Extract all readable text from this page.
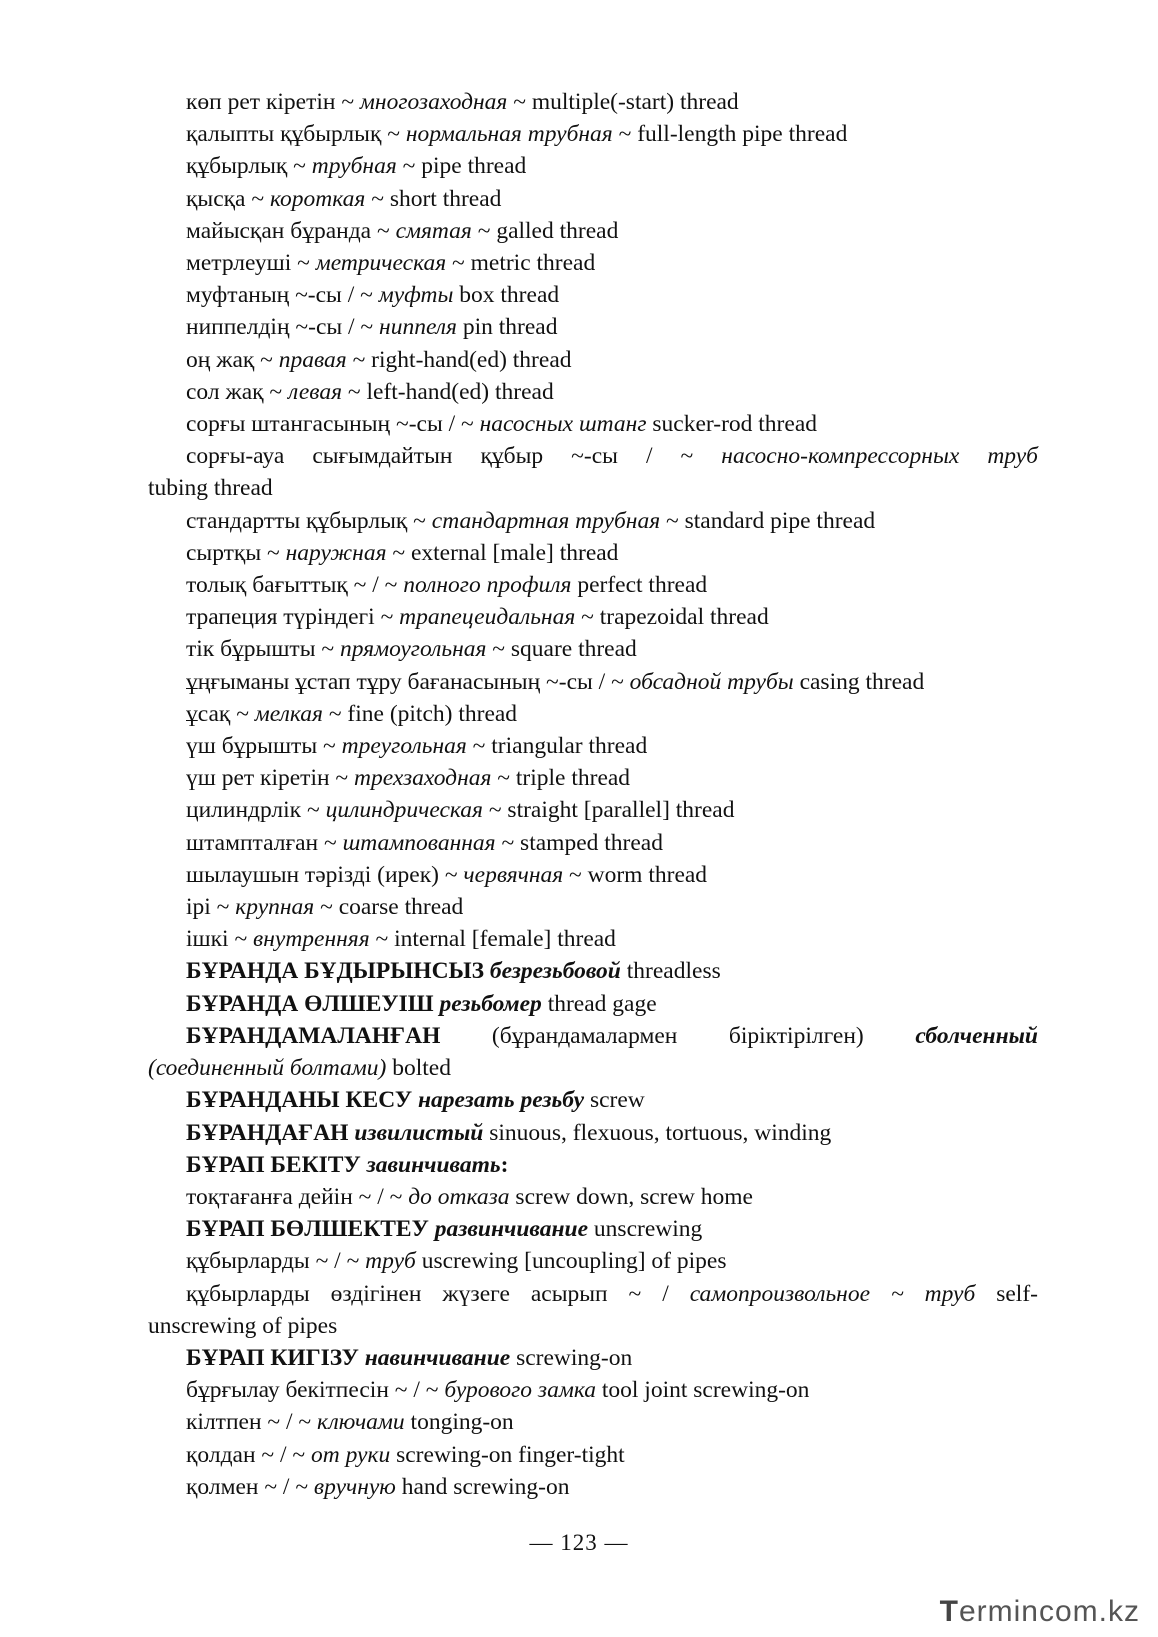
көп рет кіретін ~ многозаходная ~ multiple(-start) thread
қалыпты құбырлық ~ нормальная трубная ~ full-length pipe thread
құбырлық ~ трубная ~ pipe thread
қысқа ~ короткая ~ short thread
майысқан бұранда ~ смятая ~ galled thread
метрлеуші ~ метрическая ~ metric thread
муфтаның ~-сы / ~ муфты box thread
ниппелдің ~-сы / ~ ниппеля pin thread
оң жақ ~ правая ~ right-hand(ed) thread
сол жақ ~ левая ~ left-hand(ed) thread
сорғы штангасының ~-сы / ~ насосных штанг sucker-rod thread
сорғы-ауа сығымдайтын құбыр ~-сы / ~ насосно-компрессорных труб
tubing thread
стандартты құбырлық ~ стандартная трубная ~ standard pipe thread
сыртқы ~ наружная ~ external [male] thread
толық бағыттық ~ / ~ полного профиля perfect thread
трапеция түріндегі ~ трапецеидальная ~ trapezoidal thread
тік бұрышты ~ прямоугольная ~ square thread
ұңғыманы ұстап тұру бағанасының ~-сы / ~ обсадной трубы casing thread
ұсақ ~ мелкая ~ fine (pitch) thread
үш бұрышты ~ треугольная ~ triangular thread
үш рет кіретін ~ трехзаходная ~ triple thread
цилиндрлік ~ цилиндрическая ~ straight [parallel] thread
штампталған ~ штампованная ~ stamped thread
шылаушын тәрізді (ирек) ~ червячная ~ worm thread
ірі ~ крупная ~ coarse thread
ішкі ~ внутренняя ~ internal [female] thread
БҰРАНДА БҰДЫРЫНСЫЗ безрезьбовой threadless
БҰРАНДА ӨЛШЕУІШ резьбомер thread gage
БҰРАНДАМАЛАНҒАН (бұрандамалармен біріктірілген) сболченный
(соединенный болтами) bolted
БҰРАНДАНЫ КЕСУ нарезать резьбу screw
БҰРАНДАҒАН извилистый sinuous, flexuous, tortuous, winding
БҰРАП БЕКІТУ завинчивать:
тоқтағанға дейін ~ / ~ до отказа screw down, screw home
БҰРАП БӨЛШЕКТЕУ развинчивание unscrewing
құбырларды ~ / ~ труб uscrewing [uncoupling] of pipes
құбырларды өздігінен жүзеге асырып ~ / самопроизвольное ~ труб self-
unscrewing of pipes
БҰРАП КИГІЗУ навинчивание screwing-on
бұрғылау бекітпесін ~ / ~ бурового замка tool joint screwing-on
кілтпен ~ / ~ ключами tonging-on
қолдан ~ / ~ от руки screwing-on finger-tight
қолмен ~ / ~ вручную hand screwing-on
— 123 —
Termincom.kz
